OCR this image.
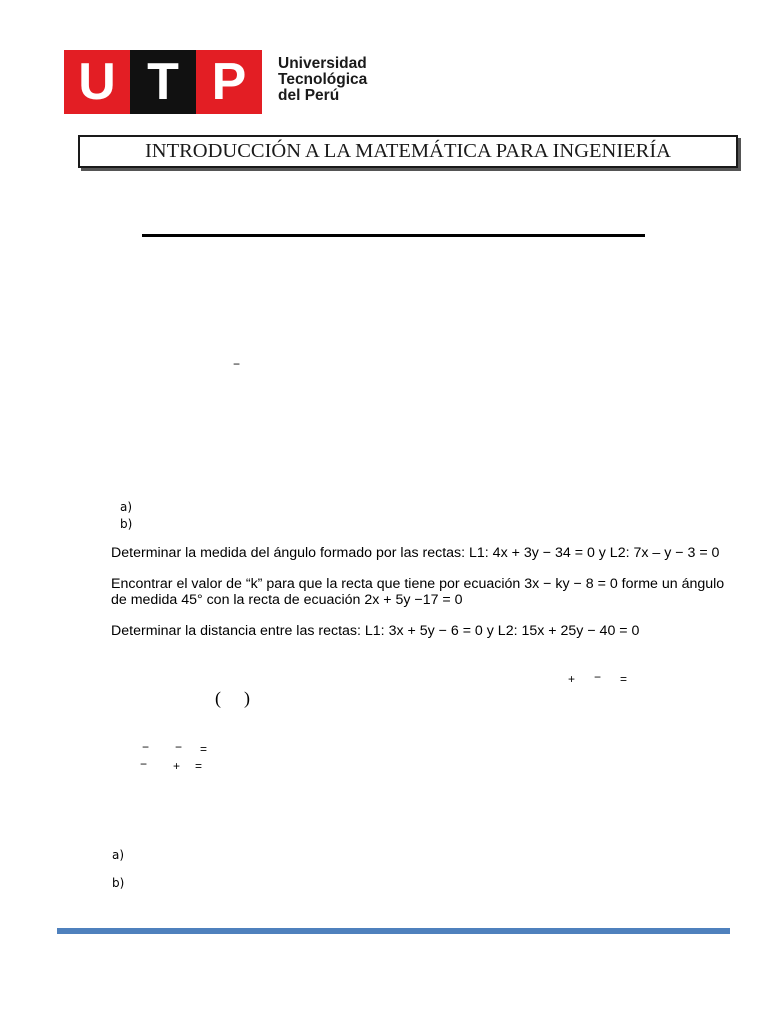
U T P	Universidad
Tecnológica
del Perú
INTRODUCCIÓN A LA MATEMÁTICA PARA INGENIERÍA
−
a)
b)
Determinar la medida del ángulo formado por las rectas: L1: 4x + 3y − 34 = 0 y L2: 7x – y − 3 = 0
Encontrar el valor de “k” para que la recta que tiene por ecuación 3x − ky − 8 = 0 forme un ángulo
de medida 45° con la recta de ecuación 2x + 5y −17 = 0
Determinar la distancia entre las rectas: L1: 3x + 5y − 6 = 0 y L2: 15x + 25y − 40 = 0
+ − =
( )
− − =
− + =
a)
b)
